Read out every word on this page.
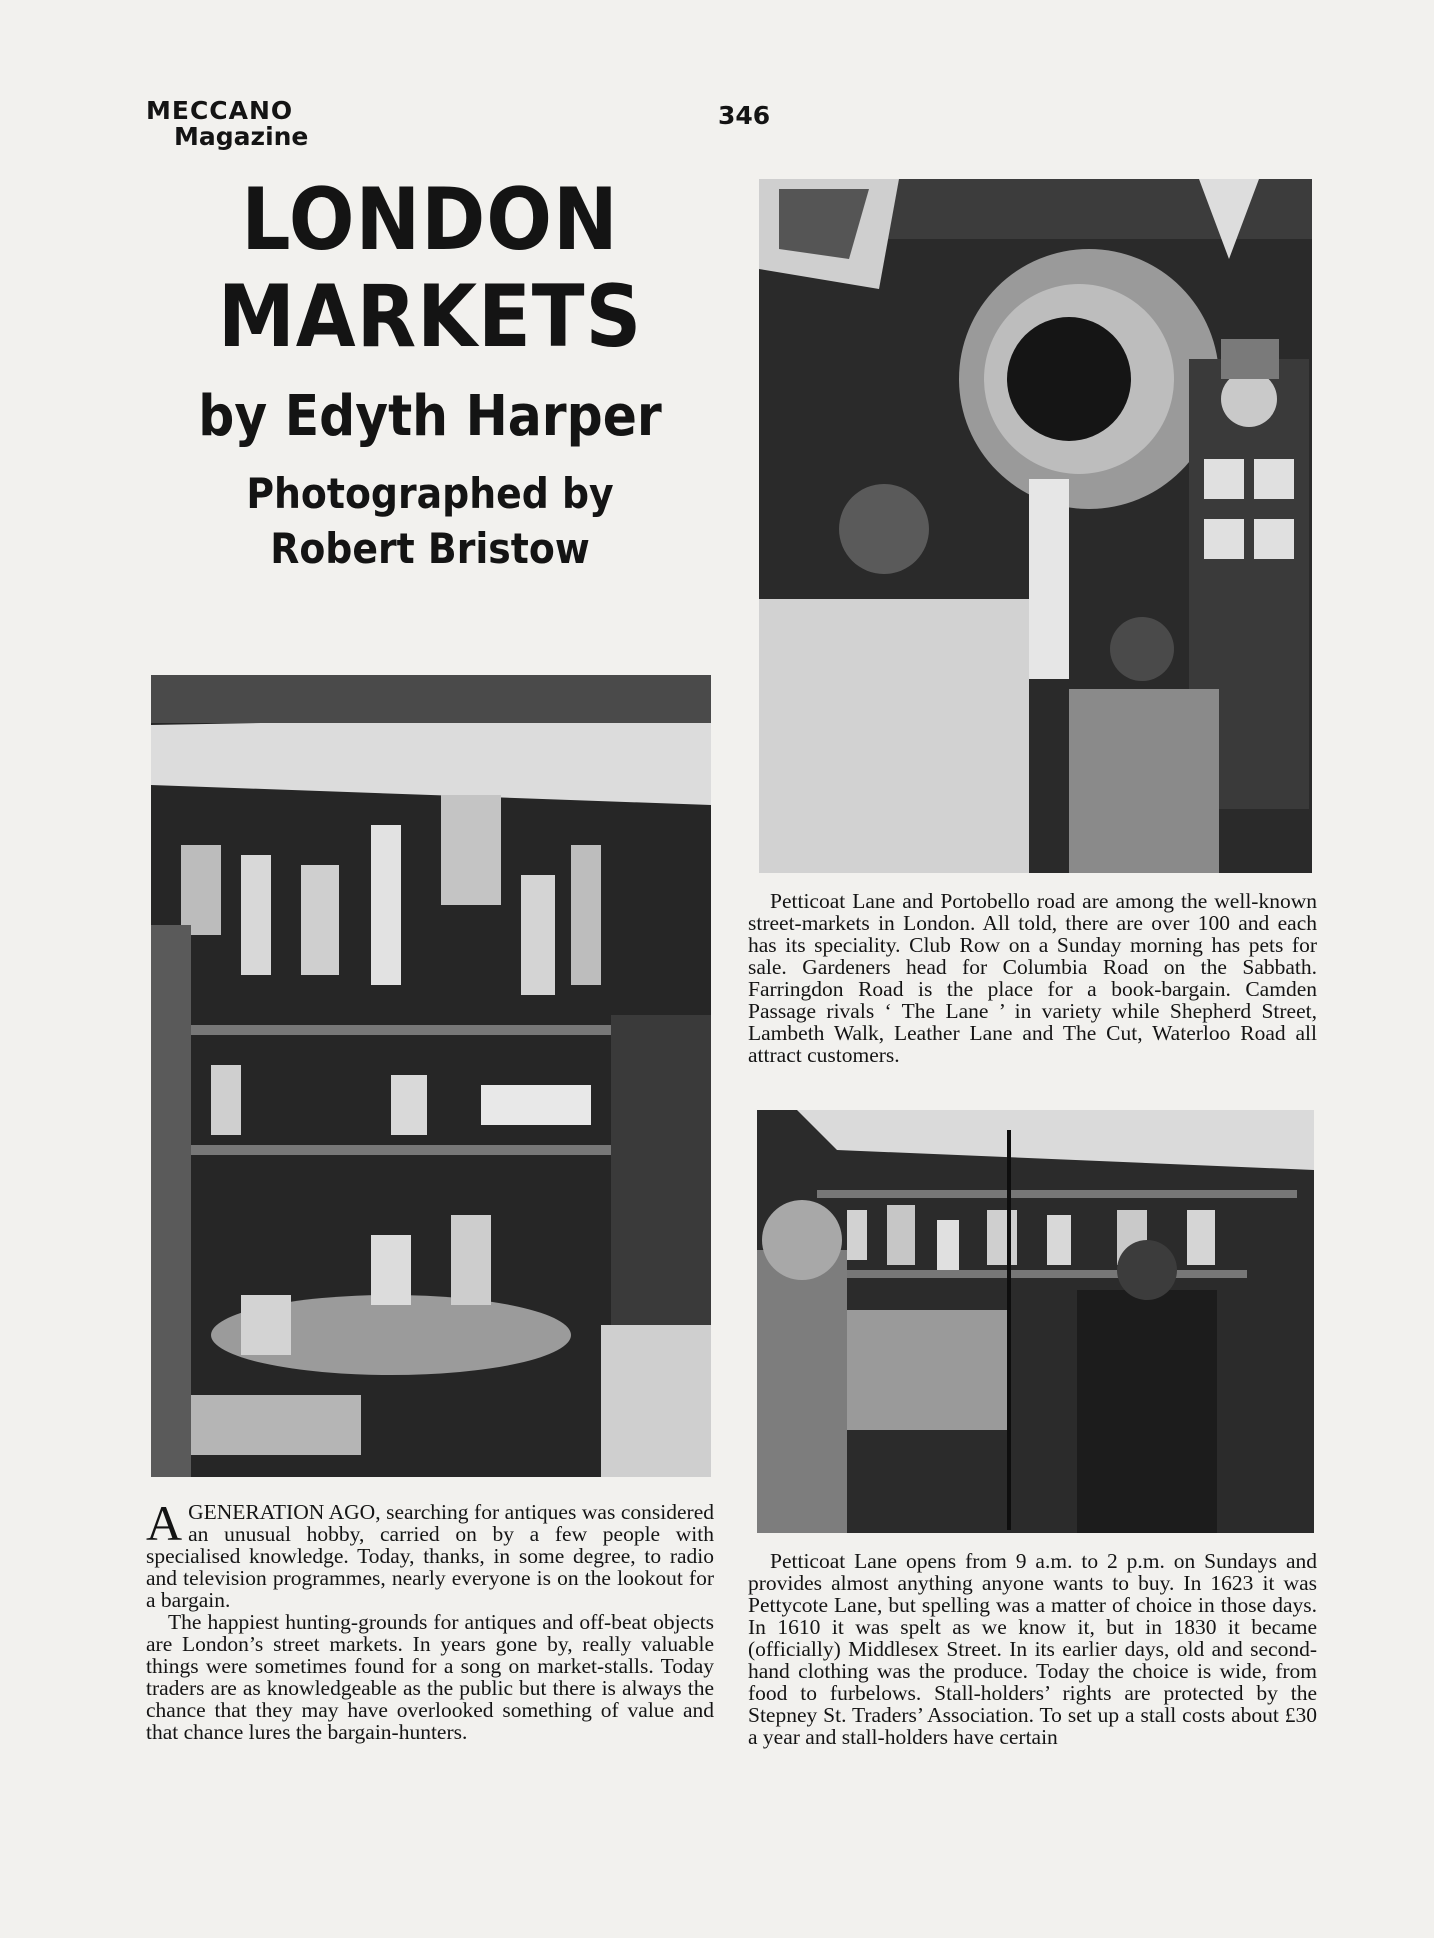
MECCANO
Magazine
346
LONDON
MARKETS
by Edyth Harper
Photographed by
Robert Bristow
Petticoat Lane and Portobello road are among the well-known street-markets in London. All told, there are over 100 and each has its speciality. Club Row on a Sunday morning has pets for sale. Gardeners head for Columbia Road on the Sabbath. Farringdon Road is the place for a book-bargain. Camden Passage rivals ‘ The Lane ’ in variety while Shepherd Street, Lambeth Walk, Leather Lane and The Cut, Waterloo Road all attract customers.

AGENERATION AGO, searching for antiques was considered an unusual hobby, carried on by a few people with specialised knowledge. Today, thanks, in some degree, to radio and television programmes, nearly everyone is on the lookout for a bargain.

The happiest hunting-grounds for antiques and off-beat objects are London’s street markets. In years gone by, really valuable things were sometimes found for a song on market-stalls. Today traders are as knowledgeable as the public but there is always the chance that they may have overlooked something of value and that chance lures the bargain-hunters.

Petticoat Lane opens from 9 a.m. to 2 p.m. on Sundays and provides almost anything anyone wants to buy. In 1623 it was Pettycote Lane, but spelling was a matter of choice in those days. In 1610 it was spelt as we know it, but in 1830 it became (officially) Middlesex Street. In its earlier days, old and second-hand clothing was the produce. Today the choice is wide, from food to furbelows. Stall-holders’ rights are protected by the Stepney St. Traders’ Association. To set up a stall costs about £30 a year and stall-holders have certain
